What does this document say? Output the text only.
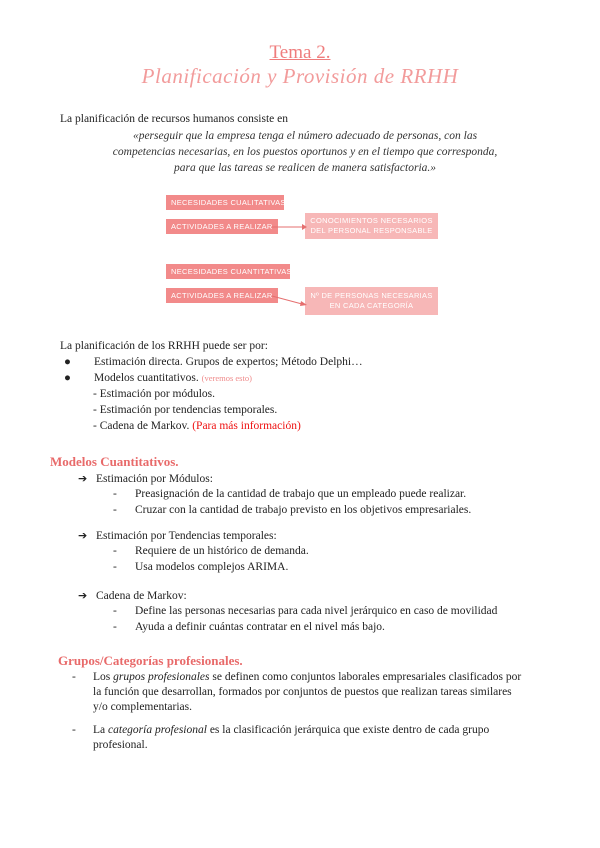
Tema 2.
Planificación y Provisión de RRHH
La planificación de recursos humanos consiste en
«perseguir que la empresa tenga el número adecuado de personas, con las
competencias necesarias, en los puestos oportunos y en el tiempo que corresponda,
para que las tareas se realicen de manera satisfactoria.»
NECESIDADES CUALITATIVAS
ACTIVIDADES A REALIZAR
CONOCIMIENTOS NECESARIOS
DEL PERSONAL RESPONSABLE
NECESIDADES CUANTITATIVAS
ACTIVIDADES A REALIZAR	Nº DE PERSONAS NECESARIAS
EN CADA CATEGORÍA
La planificación de los RRHH puede ser por:
● Estimación directa. Grupos de expertos; Método Delphi…
● Modelos cuantitativos. (veremos esto)
- Estimación por módulos.
- Estimación por tendencias temporales.
- Cadena de Markov. (Para más información)
Modelos Cuantitativos.
➔ Estimación por Módulos:
- Preasignación de la cantidad de trabajo que un empleado puede realizar.
- Cruzar con la cantidad de trabajo previsto en los objetivos empresariales.
➔ Estimación por Tendencias temporales:
- Requiere de un histórico de demanda.
- Usa modelos complejos ARIMA.
➔ Cadena de Markov:
- Define las personas necesarias para cada nivel jerárquico en caso de movilidad
- Ayuda a definir cuántas contratar en el nivel más bajo.
Grupos/Categorías profesionales.
- Los grupos profesionales se definen como conjuntos laborales empresariales clasificados por
la función que desarrollan, formados por conjuntos de puestos que realizan tareas similares
y/o complementarias.
- La categoría profesional es la clasificación jerárquica que existe dentro de cada grupo
profesional.
